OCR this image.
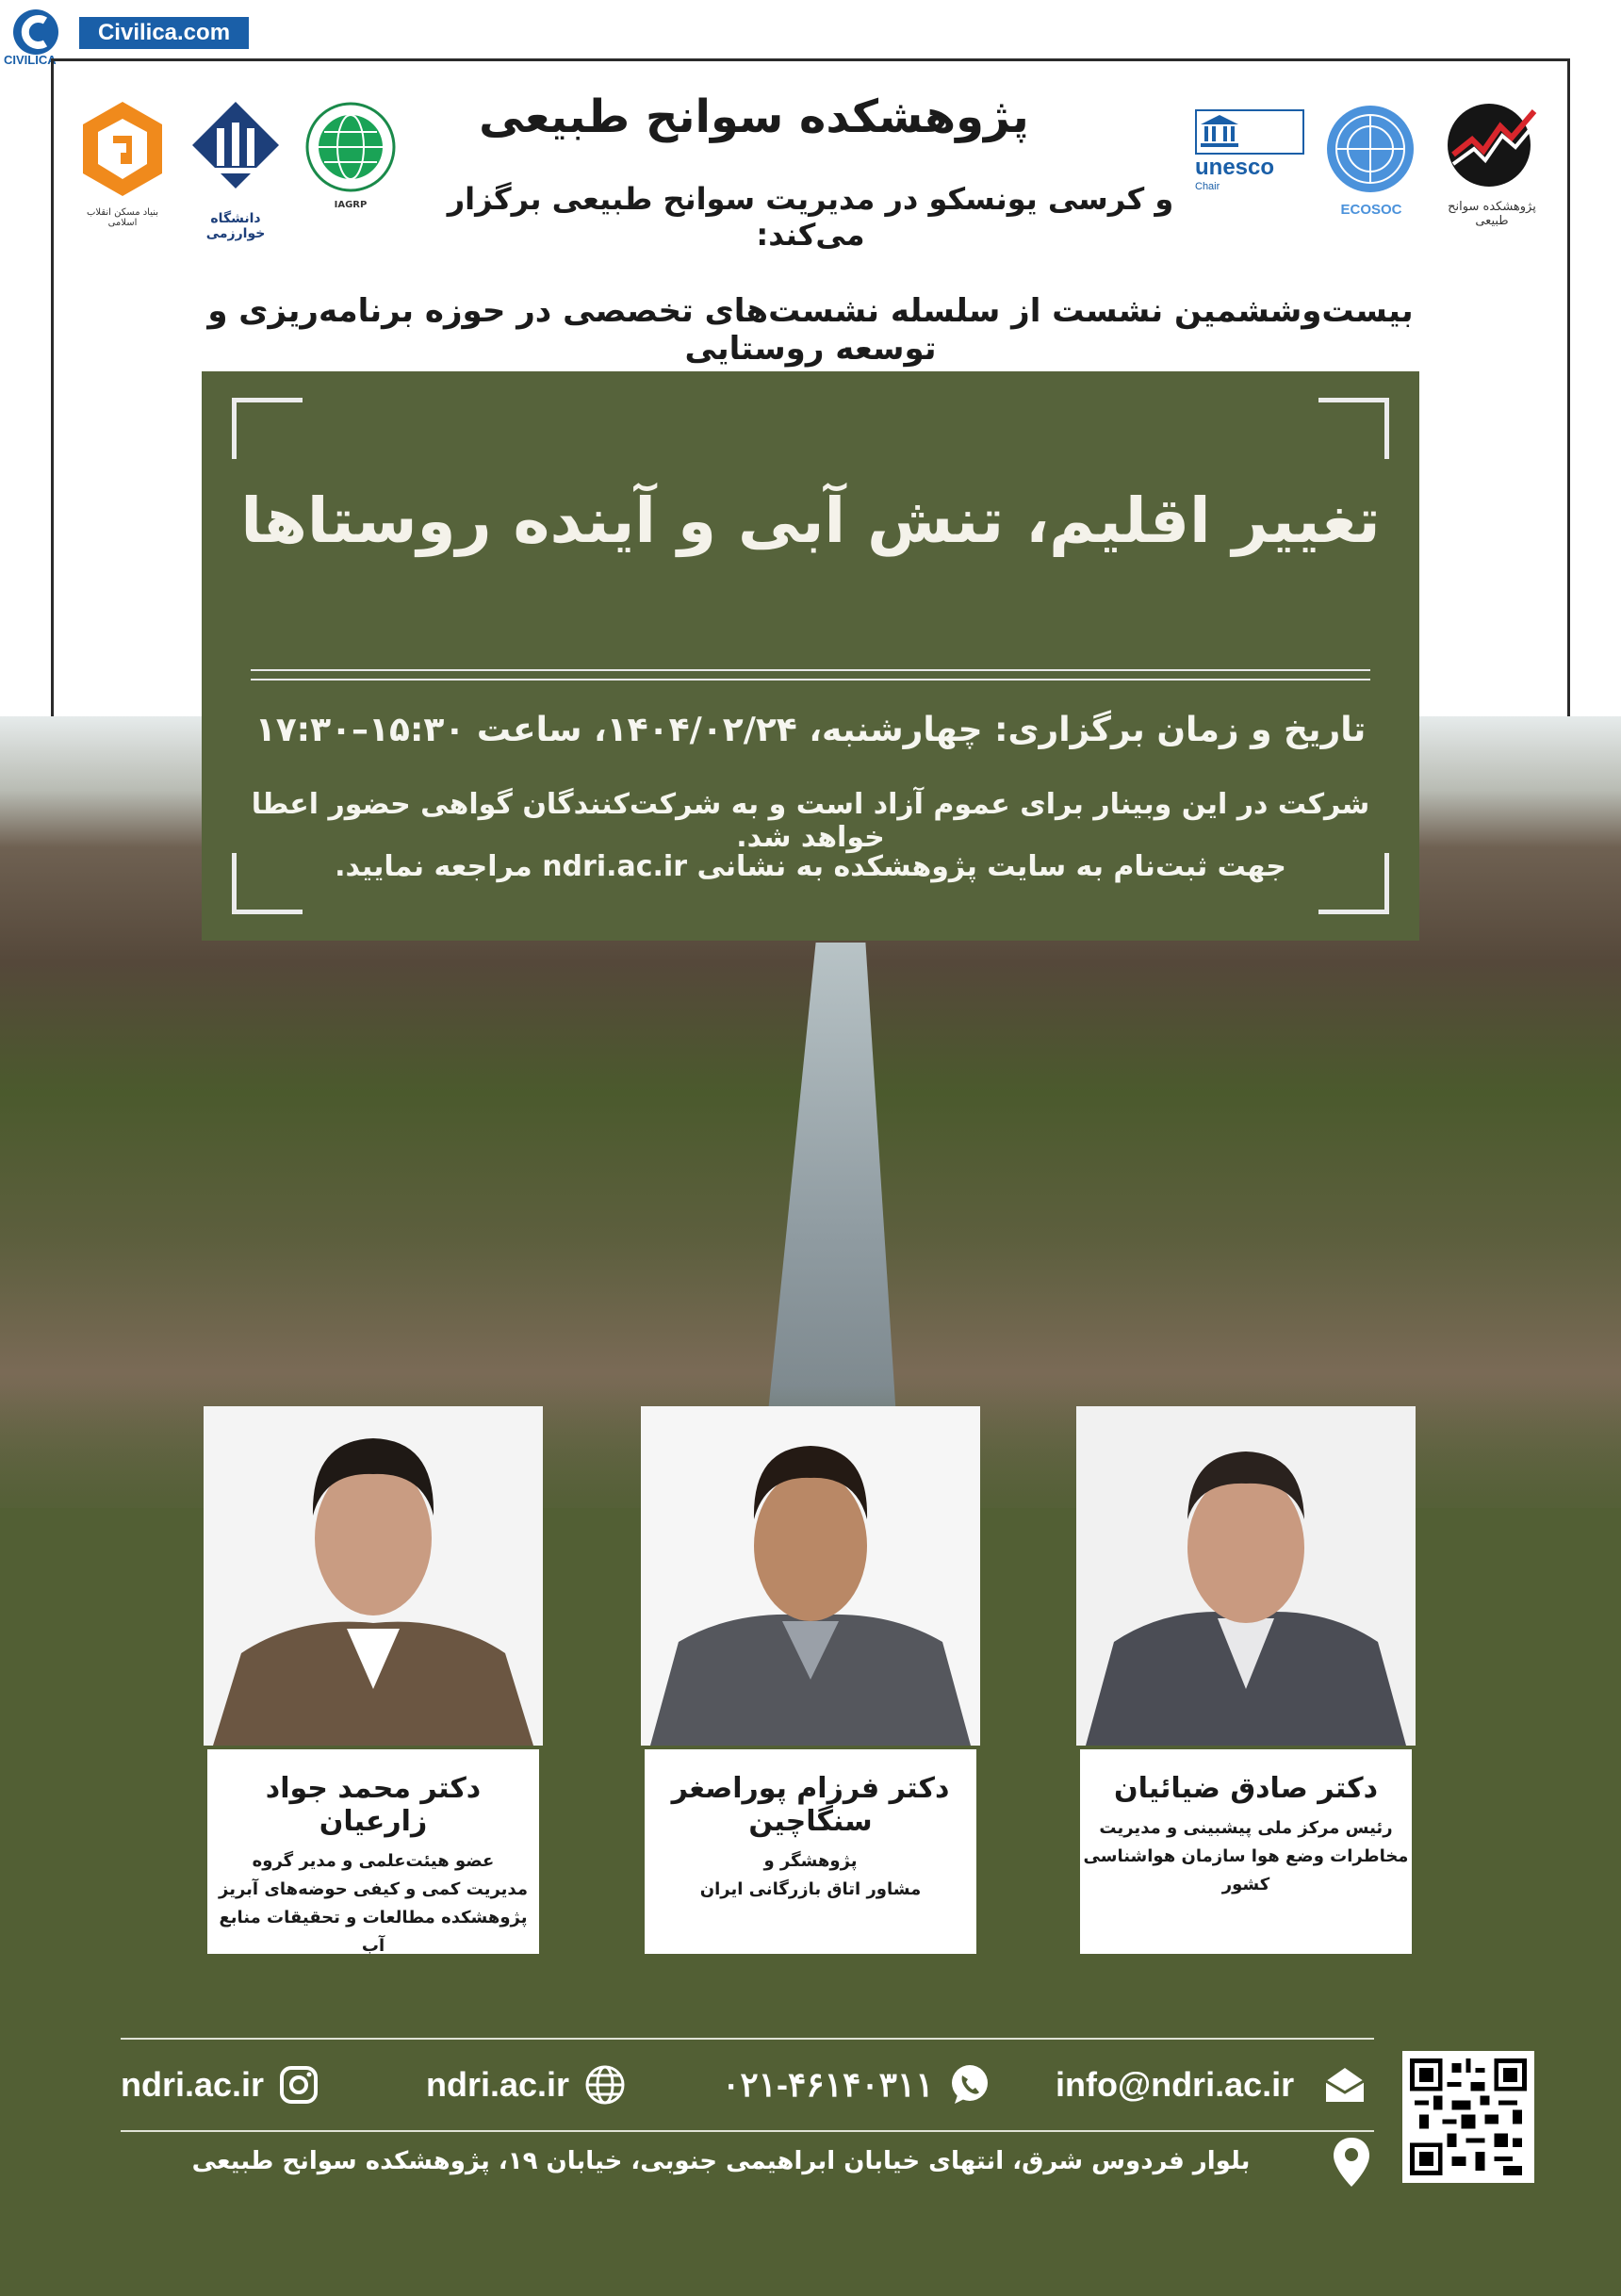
Civilica.com
CIVILICA
پژوهشکده سوانح طبیعی
و کرسی یونسکو در مدیریت سوانح طبیعی برگزار می‌کند:
بنیاد مسکن انقلاب اسلامی	دانشگاه خوارزمی
IAGRP
unesco
Chair
ECOSOC	پژوهشکده سوانح طبیعی
بیست‌وششمین نشست از سلسله نشست‌های تخصصی در حوزه برنامه‌ریزی و توسعه روستایی
تغییر اقلیم، تنش آبی و آینده روستاها
تاریخ و زمان برگزاری: چهارشنبه، ۱۴۰۴/۰۲/۲۴، ساعت ۱۵:۳۰–۱۷:۳۰
شرکت در این وبینار برای عموم آزاد است و به شرکت‌کنندگان گواهی حضور اعطا خواهد شد.
جهت ثبت‌نام به سایت پژوهشکده به نشانی ndri.ac.ir مراجعه نمایید.
دکتر صادق ضیائیان
رئیس مرکز ملی پیشبینی و مدیریت
مخاطرات وضع هوا سازمان هواشناسی کشور
دکتر فرزام پوراصغر سنگاچین
پژوهشگر و
مشاور اتاق بازرگانی ایران
دکتر محمد جواد زارعیان
عضو هیئت‌علمی و مدیر گروه
مدیریت کمی و کیفی حوضه‌های آبریز
پژوهشکده مطالعات و تحقیقات منابع آب
ndri.ac.ir	ndri.ac.ir	۰۲۱-۴۶۱۴۰۳۱۱	info@ndri.ac.ir
بلوار فردوس شرق، انتهای خیابان ابراهیمی جنوبی، خیابان ۱۹، پژوهشکده سوانح طبیعی
